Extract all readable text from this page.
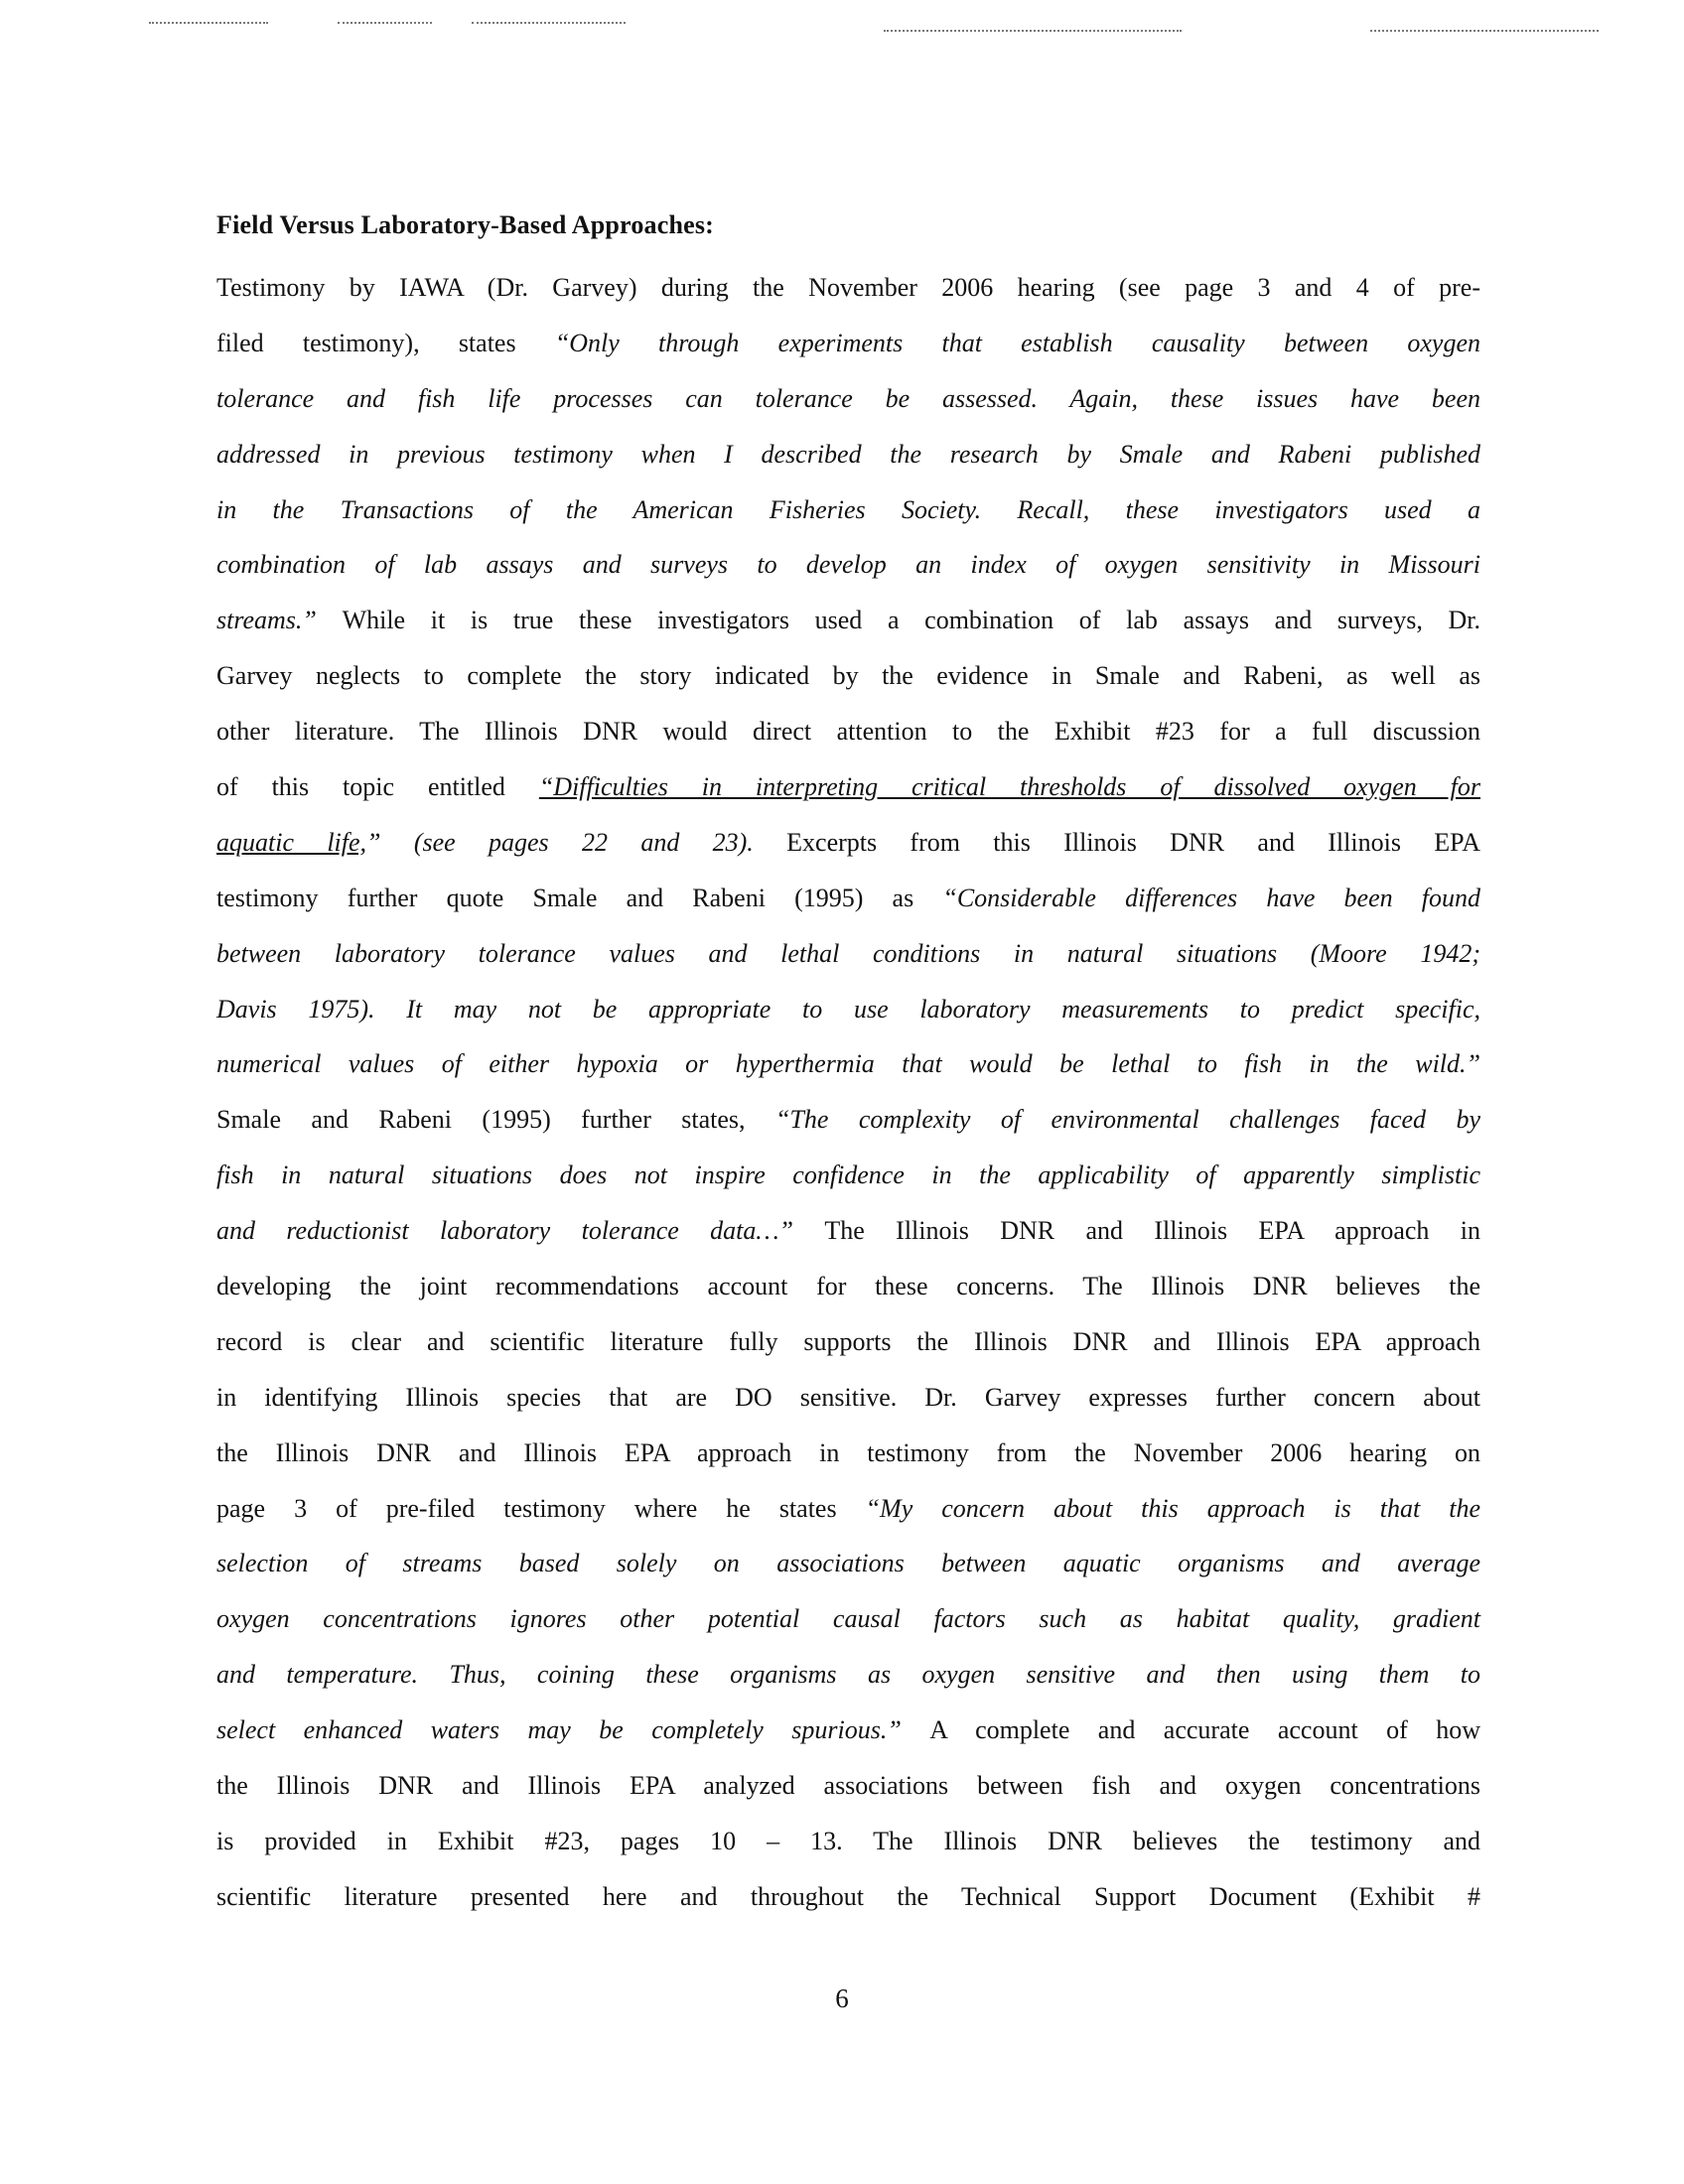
Field Versus Laboratory-Based Approaches:
Testimony by IAWA (Dr. Garvey) during the November 2006 hearing (see page 3 and 4 of pre-
filed testimony), states “Only through experiments that establish causality between oxygen
tolerance and fish life processes can tolerance be assessed. Again, these issues have been
addressed in previous testimony when I described the research by Smale and Rabeni published
in the Transactions of the American Fisheries Society. Recall, these investigators used a
combination of lab assays and surveys to develop an index of oxygen sensitivity in Missouri
streams.” While it is true these investigators used a combination of lab assays and surveys, Dr.
Garvey neglects to complete the story indicated by the evidence in Smale and Rabeni, as well as
other literature. The Illinois DNR would direct attention to the Exhibit #23 for a full discussion
of this topic entitled “Difficulties in interpreting critical thresholds of dissolved oxygen for
aquatic life,” (see pages 22 and 23). Excerpts from this Illinois DNR and Illinois EPA
testimony further quote Smale and Rabeni (1995) as “Considerable differences have been found
between laboratory tolerance values and lethal conditions in natural situations (Moore 1942;
Davis 1975). It may not be appropriate to use laboratory measurements to predict specific,
numerical values of either hypoxia or hyperthermia that would be lethal to fish in the wild.”
Smale and Rabeni (1995) further states, “The complexity of environmental challenges faced by
fish in natural situations does not inspire confidence in the applicability of apparently simplistic
and reductionist laboratory tolerance data…” The Illinois DNR and Illinois EPA approach in
developing the joint recommendations account for these concerns. The Illinois DNR believes the
record is clear and scientific literature fully supports the Illinois DNR and Illinois EPA approach
in identifying Illinois species that are DO sensitive. Dr. Garvey expresses further concern about
the Illinois DNR and Illinois EPA approach in testimony from the November 2006 hearing on
page 3 of pre-filed testimony where he states “My concern about this approach is that the
selection of streams based solely on associations between aquatic organisms and average
oxygen concentrations ignores other potential causal factors such as habitat quality, gradient
and temperature. Thus, coining these organisms as oxygen sensitive and then using them to
select enhanced waters may be completely spurious.” A complete and accurate account of how
the Illinois DNR and Illinois EPA analyzed associations between fish and oxygen concentrations
is provided in Exhibit #23, pages 10 – 13. The Illinois DNR believes the testimony and
scientific literature presented here and throughout the Technical Support Document (Exhibit #
6
